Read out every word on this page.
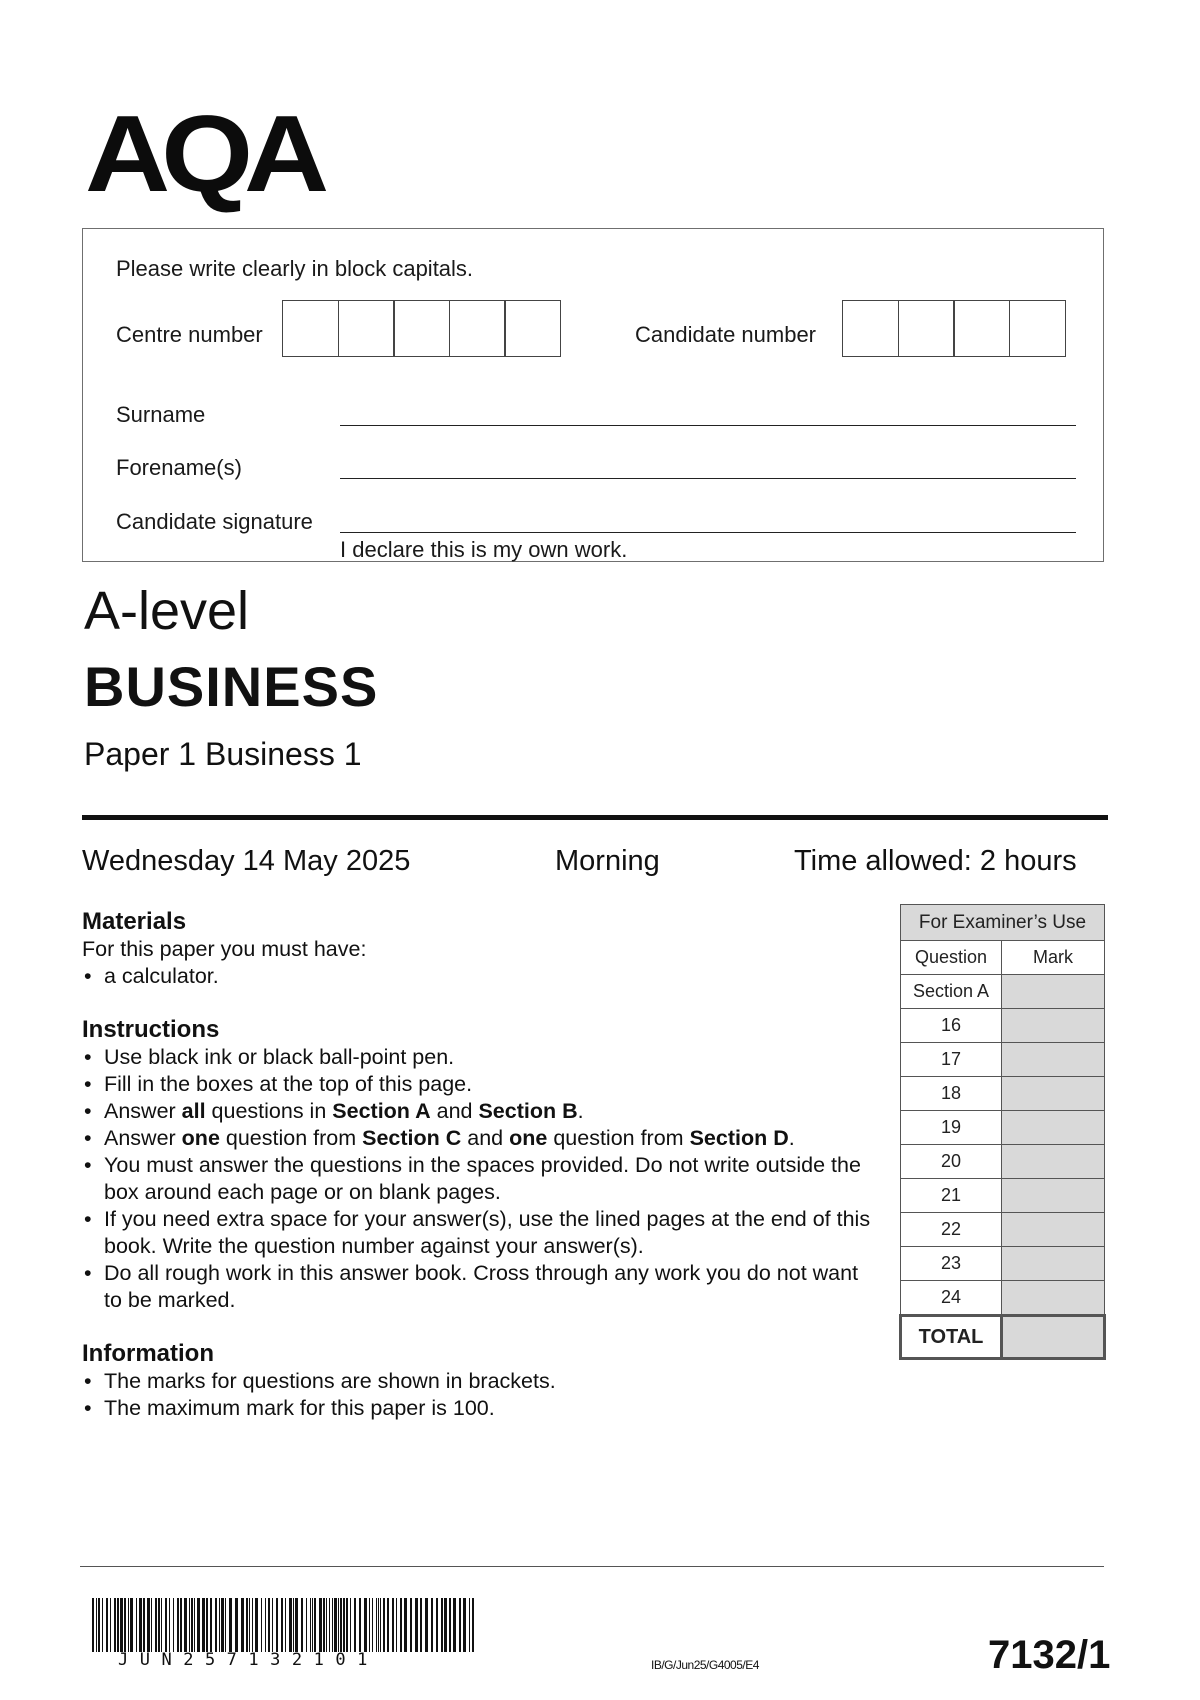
AQA
Please write clearly in block capitals.
Centre number	Candidate number
Surname
Forename(s)
Candidate signature
I declare this is my own work.
A-level
BUSINESS
Paper 1 Business 1
Wednesday 14 May 2025	Morning	Time allowed: 2 hours
Materials
For this paper you must have:
• a calculator.
Instructions
• Use black ink or black ball-point pen.
• Fill in the boxes at the top of this page.
• Answer all questions in Section A and Section B.
• Answer one question from Section C and one question from Section D.
• You must answer the questions in the spaces provided. Do not write outside the box around each page or on blank pages.
• If you need extra space for your answer(s), use the lined pages at the end of this book. Write the question number against your answer(s).
• Do all rough work in this answer book. Cross through any work you do not want to be marked.
Information
• The marks for questions are shown in brackets.
• The maximum mark for this paper is 100.
For Examiner’s Use	
Question	Mark
Section A	
16	
17	
18	
19	
20	
21	
22	
23	
24	
TOTAL	
JUN257132101	IB/G/Jun25/G4005/E4	7132/1
